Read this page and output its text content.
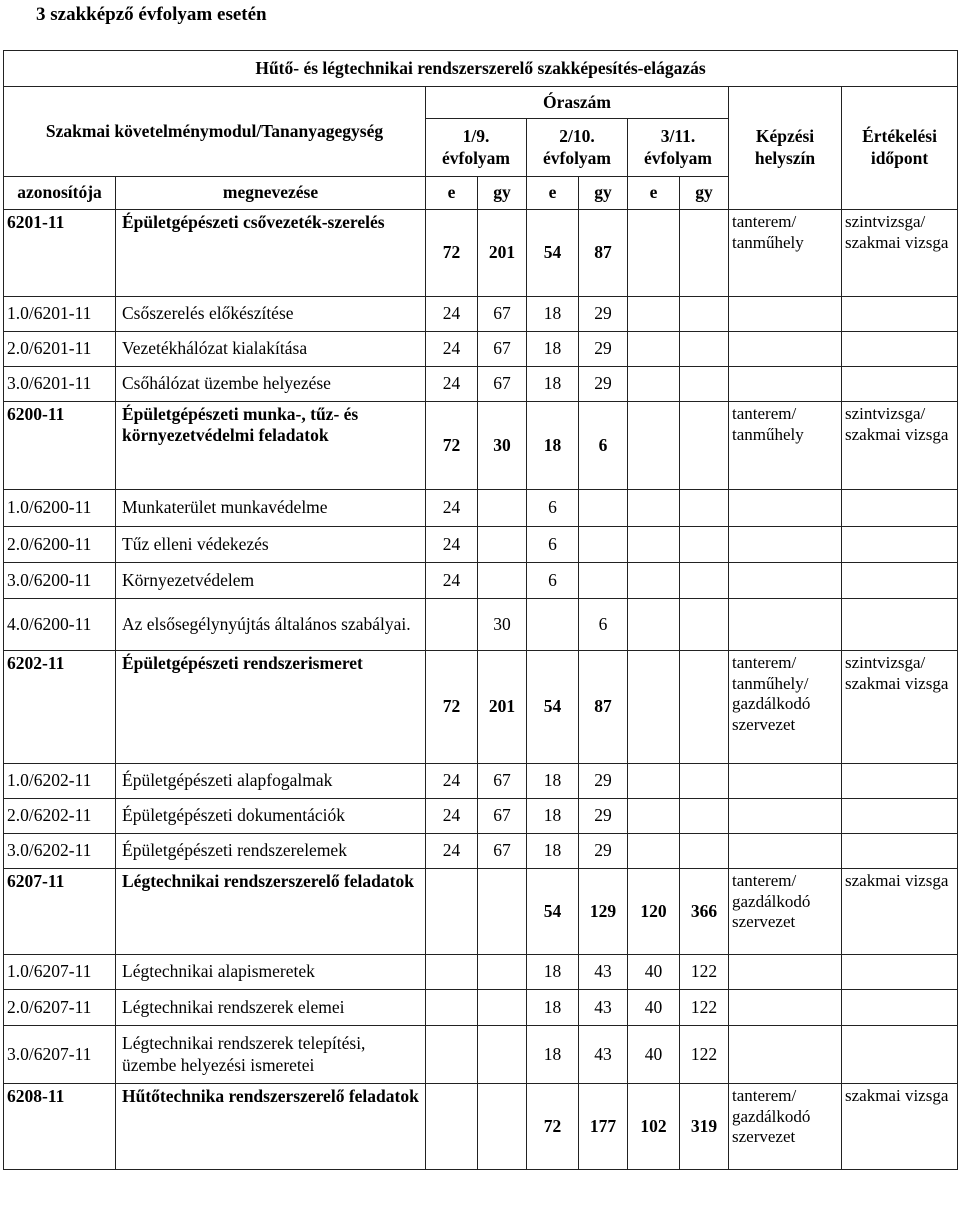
3 szakképző évfolyam esetén
Hűtő- és légtechnikai rendszerszerelő szakképesítés-elágazás									
Szakmai követelménymodul/Tananyagegység		Óraszám						Képzési helyszín	Értékelési időpont
		1/9. évfolyam		2/10. évfolyam		3/11. évfolyam			
azonosítója	megnevezése	e	gy	e	gy	e	gy		
6201-11	Épületgépészeti csővezeték-szerelés	72	201	54	87			tanterem/ tanműhely	szintvizsga/ szakmai vizsga
1.0/6201-11	Csőszerelés előkészítése	24	67	18	29				
2.0/6201-11	Vezetékhálózat kialakítása	24	67	18	29				
3.0/6201-11	Csőhálózat üzembe helyezése	24	67	18	29				
6200-11	Épületgépészeti munka-, tűz- és környezetvédelmi feladatok	72	30	18	6			tanterem/ tanműhely	szintvizsga/ szakmai vizsga
1.0/6200-11	Munkaterület munkavédelme	24		6					
2.0/6200-11	Tűz elleni védekezés	24		6					
3.0/6200-11	Környezetvédelem	24		6					
4.0/6200-11	Az elsősegélynyújtás általános szabályai.		30		6				
6202-11	Épületgépészeti rendszerismeret	72	201	54	87			tanterem/ tanműhely/ gazdálkodó szervezet	szintvizsga/ szakmai vizsga
1.0/6202-11	Épületgépészeti alapfogalmak	24	67	18	29				
2.0/6202-11	Épületgépészeti dokumentációk	24	67	18	29				
3.0/6202-11	Épületgépészeti rendszerelemek	24	67	18	29				
6207-11	Légtechnikai rendszerszerelő feladatok			54	129	120	366	tanterem/ gazdálkodó szervezet	szakmai vizsga
1.0/6207-11	Légtechnikai alapismeretek			18	43	40	122		
2.0/6207-11	Légtechnikai rendszerek elemei			18	43	40	122		
3.0/6207-11	Légtechnikai rendszerek telepítési, üzembe helyezési ismeretei			18	43	40	122		
6208-11	Hűtőtechnika rendszerszerelő feladatok			72	177	102	319	tanterem/ gazdálkodó szervezet	szakmai vizsga
